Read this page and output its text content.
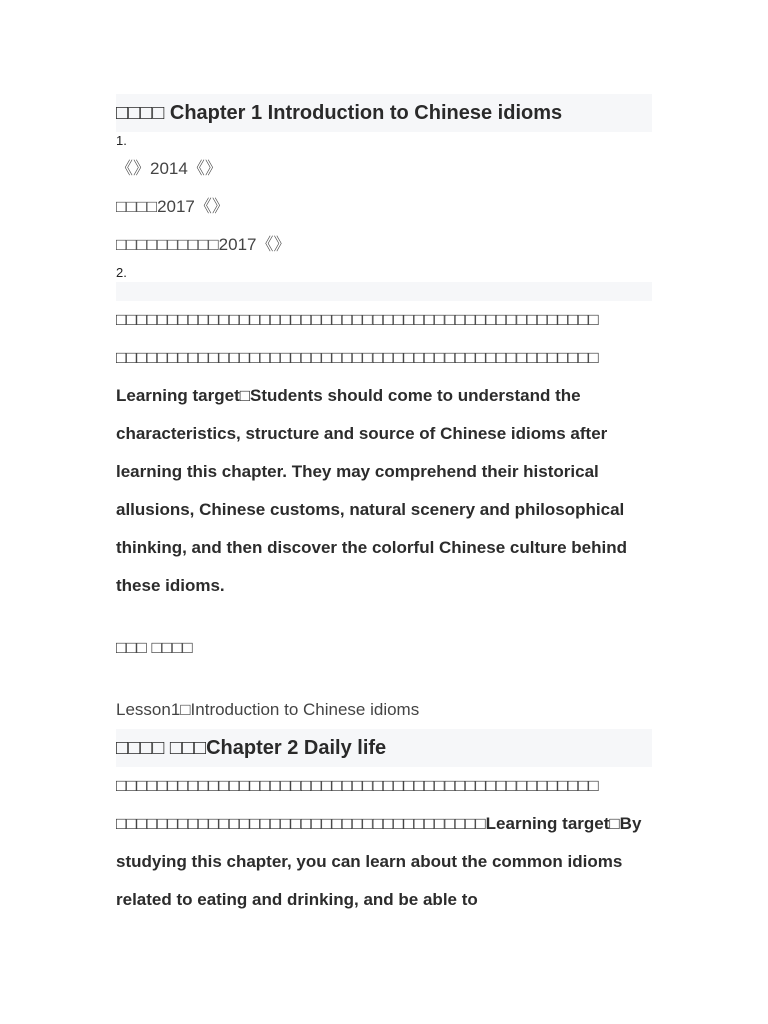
□□□□ Chapter 1 Introduction to Chinese idioms
1.
《》2014《》
□□□□2017《》
□□□□□□□□□□2017《》
2.
□□□□□□□□□□□□□□□□□□□□□□□□□□□□□□□□□□□□□□□□□□□□□□□
□□□□□□□□□□□□□□□□□□□□□□□□□□□□□□□□□□□□□□□□□□□□□□□
Learning target□Students should come to understand the characteristics, structure and source of Chinese idioms after learning this chapter. They may comprehend their historical allusions, Chinese customs, natural scenery and philosophical thinking, and then discover the colorful Chinese culture behind these idioms.
□□□ □□□□
Lesson1□Introduction to Chinese idioms
□□□□ □□□Chapter 2 Daily life
□□□□□□□□□□□□□□□□□□□□□□□□□□□□□□□□□□□□□□□□□□□□□□□
□□□□□□□□□□□□□□□□□□□□□□□□□□□□□□□□□□□□Learning target□By studying this chapter, you can learn about the common idioms related to eating and drinking, and be able to
